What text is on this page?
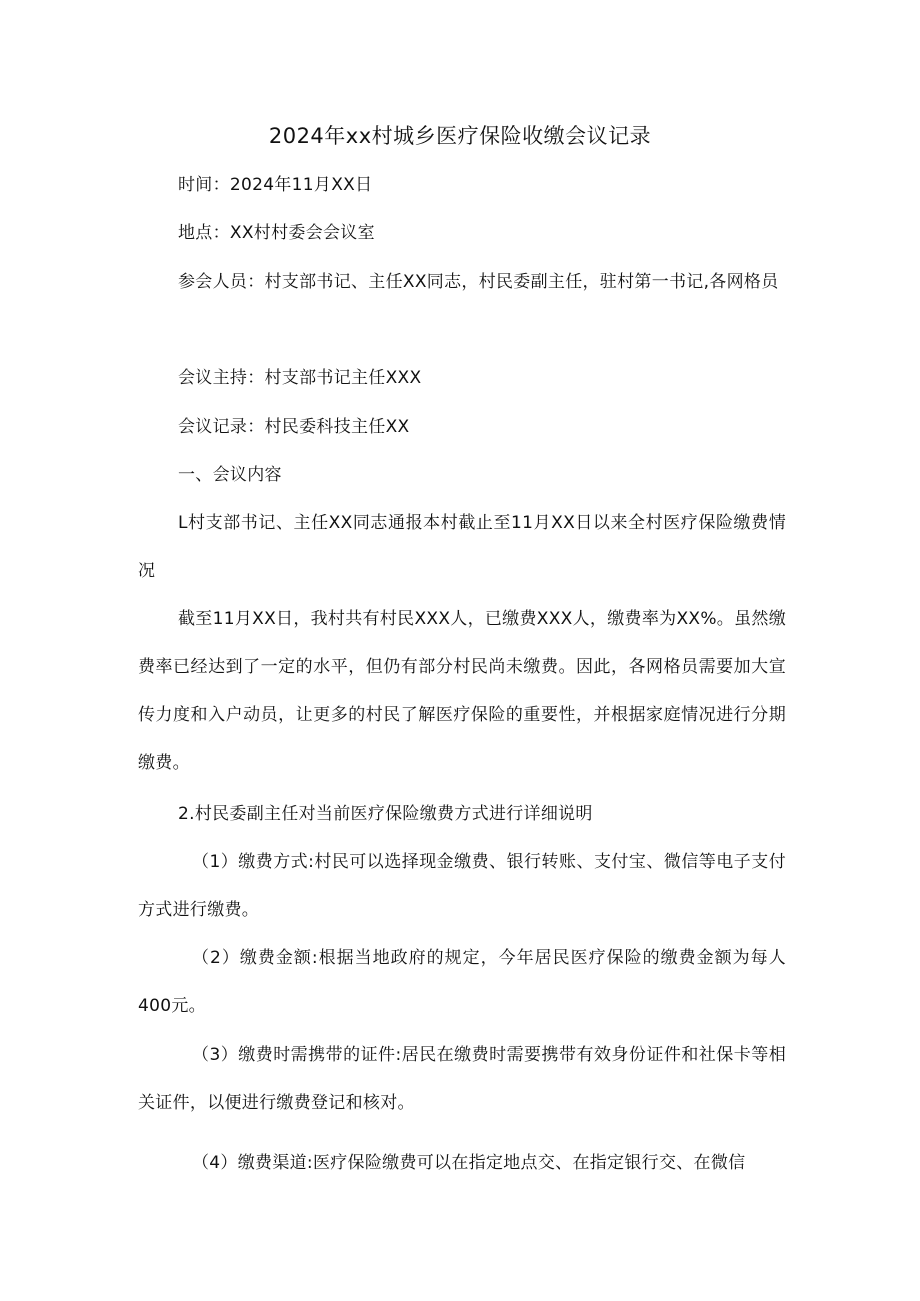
2024年xx村城乡医疗保险收缴会议记录
时间：2024年11月XX日
地点：XX村村委会会议室
参会人员：村支部书记、主任XX同志，村民委副主任，驻村第一书记,各网格员
会议主持：村支部书记主任XXX
会议记录：村民委科技主任XX
一、会议内容
L村支部书记、主任XX同志通报本村截止至11月XX日以来全村医疗保险缴费情况
截至11月XX日，我村共有村民XXX人，已缴费XXX人，缴费率为XX%。虽然缴费率已经达到了一定的水平，但仍有部分村民尚未缴费。因此，各网格员需要加大宣传力度和入户动员，让更多的村民了解医疗保险的重要性，并根据家庭情况进行分期缴费。
2.村民委副主任对当前医疗保险缴费方式进行详细说明
（1）缴费方式:村民可以选择现金缴费、银行转账、支付宝、微信等电子支付方式进行缴费。
（2）缴费金额:根据当地政府的规定，今年居民医疗保险的缴费金额为每人400元。
（3）缴费时需携带的证件:居民在缴费时需要携带有效身份证件和社保卡等相关证件，以便进行缴费登记和核对。
（4）缴费渠道:医疗保险缴费可以在指定地点交、在指定银行交、在微信
